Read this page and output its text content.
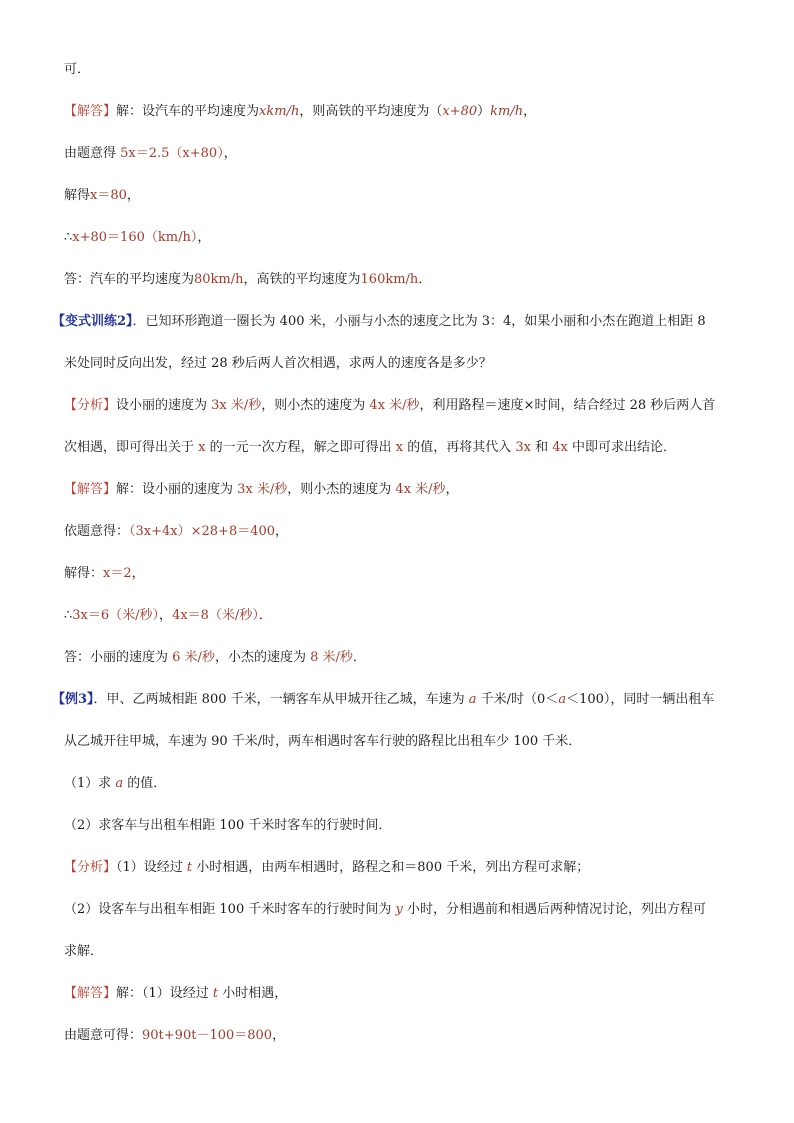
可．
【解答】解：设汽车的平均速度为xkm/h，则高铁的平均速度为（x+80）km/h，
由题意得 5x＝2.5（x+80），
解得x＝80，
∴x+80＝160（km/h），
答：汽车的平均速度为80km/h，高铁的平均速度为160km/h．
【变式训练2】．已知环形跑道一圈长为 400 米，小丽与小杰的速度之比为 3：4，如果小丽和小杰在跑道上相距 8
米处同时反向出发，经过 28 秒后两人首次相遇，求两人的速度各是多少？
【分析】设小丽的速度为 3x 米/秒，则小杰的速度为 4x 米/秒，利用路程＝速度×时间，结合经过 28 秒后两人首
次相遇，即可得出关于 x 的一元一次方程，解之即可得出 x 的值，再将其代入 3x 和 4x 中即可求出结论．
【解答】解：设小丽的速度为 3x 米/秒，则小杰的速度为 4x 米/秒，
依题意得：（3x+4x）×28+8＝400，
解得：x＝2，
∴3x＝6（米/秒），4x＝8（米/秒）．
答：小丽的速度为 6 米/秒，小杰的速度为 8 米/秒．
【例3】．甲、乙两城相距 800 千米，一辆客车从甲城开往乙城，车速为 a 千米/时（0＜a＜100），同时一辆出租车
从乙城开往甲城，车速为 90 千米/时，两车相遇时客车行驶的路程比出租车少 100 千米．
（1）求 a 的值．
（2）求客车与出租车相距 100 千米时客车的行驶时间．
【分析】（1）设经过 t 小时相遇，由两车相遇时，路程之和＝800 千米，列出方程可求解；
（2）设客车与出租车相距 100 千米时客车的行驶时间为 y 小时，分相遇前和相遇后两种情况讨论，列出方程可
求解．
【解答】解：（1）设经过 t 小时相遇，
由题意可得：90t+90t－100＝800，
